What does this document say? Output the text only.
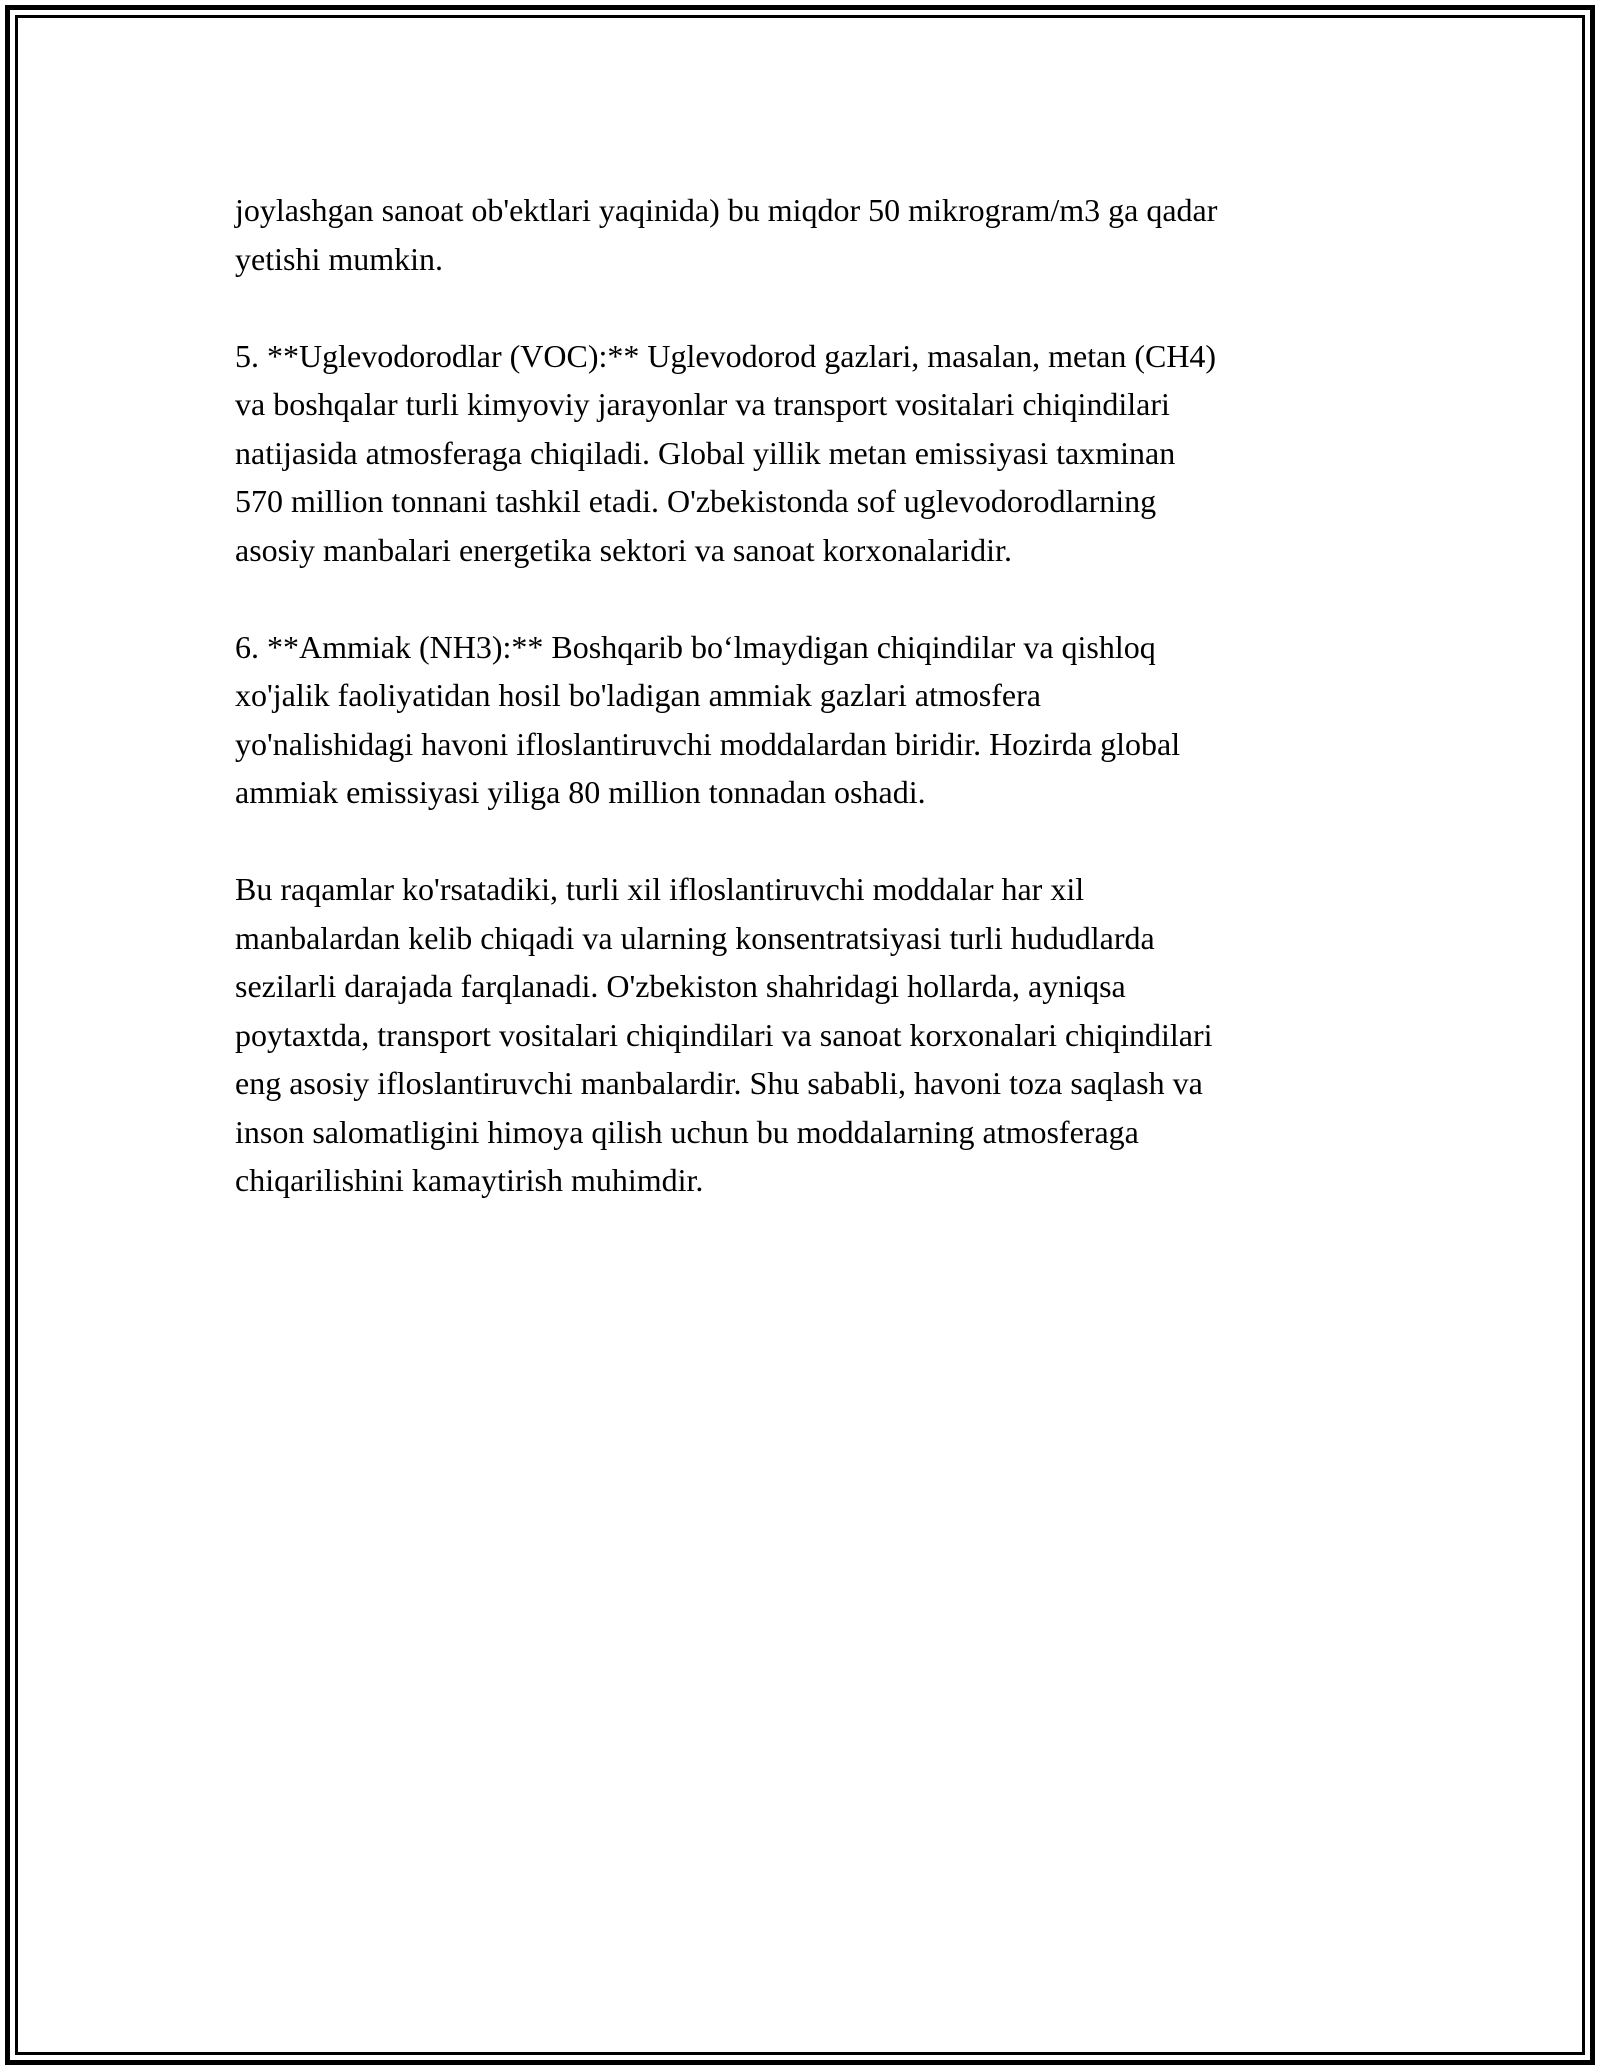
joylashgan sanoat ob'ektlari yaqinida) bu miqdor 50 mikrogram/m3 ga qadar
yetishi mumkin.

5. **Uglevodorodlar (VOC):** Uglevodorod gazlari, masalan, metan (CH4)
va boshqalar turli kimyoviy jarayonlar va transport vositalari chiqindilari
natijasida atmosferaga chiqiladi. Global yillik metan emissiyasi taxminan
570 million tonnani tashkil etadi. O'zbekistonda sof uglevodorodlarning
asosiy manbalari energetika sektori va sanoat korxonalaridir.

6. **Ammiak (NH3):** Boshqarib bo‘lmaydigan chiqindilar va qishloq
xo'jalik faoliyatidan hosil bo'ladigan ammiak gazlari atmosfera
yo'nalishidagi havoni ifloslantiruvchi moddalardan biridir. Hozirda global
ammiak emissiyasi yiliga 80 million tonnadan oshadi.

Bu raqamlar ko'rsatadiki, turli xil ifloslantiruvchi moddalar har xil
manbalardan kelib chiqadi va ularning konsentratsiyasi turli hududlarda
sezilarli darajada farqlanadi. O'zbekiston shahridagi hollarda, ayniqsa
poytaxtda, transport vositalari chiqindilari va sanoat korxonalari chiqindilari
eng asosiy ifloslantiruvchi manbalardir. Shu sababli, havoni toza saqlash va
inson salomatligini himoya qilish uchun bu moddalarning atmosferaga
chiqarilishini kamaytirish muhimdir.
